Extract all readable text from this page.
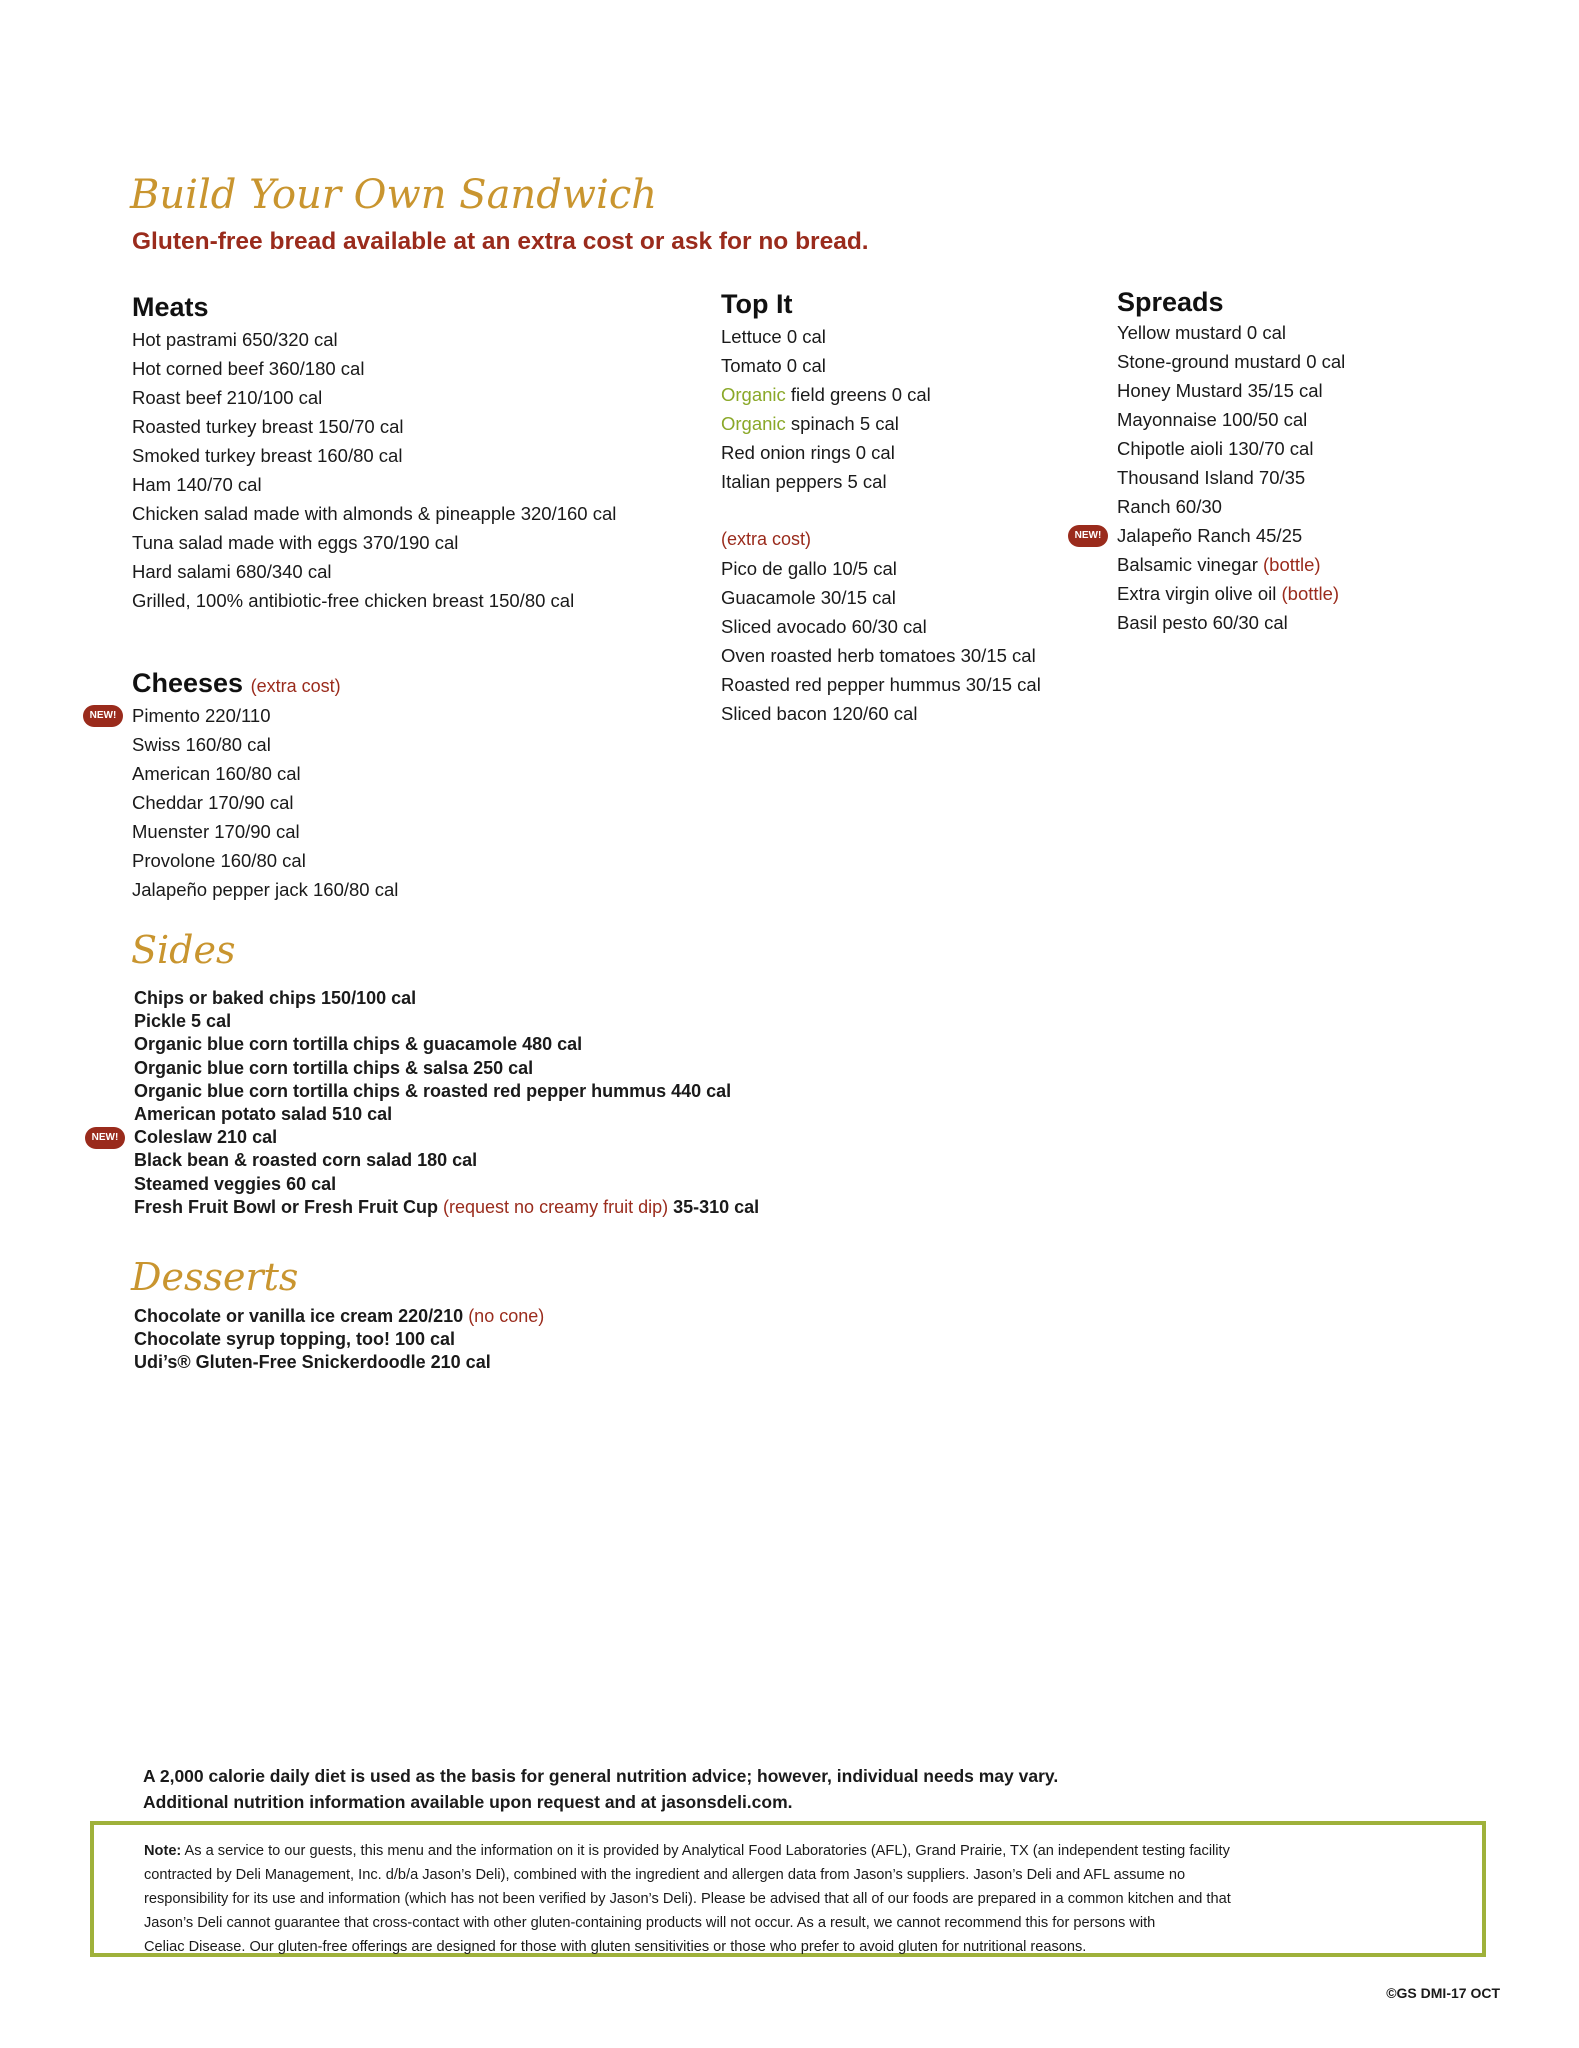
Build Your Own Sandwich
Gluten-free bread available at an extra cost or ask for no bread.
Meats
Hot pastrami 650/320 cal
Hot corned beef 360/180 cal
Roast beef 210/100 cal
Roasted turkey breast 150/70 cal
Smoked turkey breast 160/80 cal
Ham 140/70 cal
Chicken salad made with almonds & pineapple 320/160 cal
Tuna salad made with eggs 370/190 cal
Hard salami 680/340 cal
Grilled, 100% antibiotic-free chicken breast 150/80 cal
Cheeses (extra cost)
NEW! Pimento 220/110
Swiss 160/80 cal
American 160/80 cal
Cheddar 170/90 cal
Muenster 170/90 cal
Provolone 160/80 cal
Jalapeño pepper jack 160/80 cal
Top It
Lettuce 0 cal
Tomato 0 cal
Organic field greens 0 cal
Organic spinach 5 cal
Red onion rings 0 cal
Italian peppers 5 cal
(extra cost)
Pico de gallo 10/5 cal
Guacamole 30/15 cal
Sliced avocado 60/30 cal
Oven roasted herb tomatoes 30/15 cal
Roasted red pepper hummus 30/15 cal
Sliced bacon 120/60 cal
Spreads
Yellow mustard 0 cal
Stone-ground mustard 0 cal
Honey Mustard 35/15 cal
Mayonnaise 100/50 cal
Chipotle aioli 130/70 cal
Thousand Island 70/35
Ranch 60/30
NEW! Jalapeño Ranch 45/25
Balsamic vinegar (bottle)
Extra virgin olive oil (bottle)
Basil pesto 60/30 cal
Sides
Chips or baked chips 150/100 cal
Pickle 5 cal
Organic blue corn tortilla chips & guacamole 480 cal
Organic blue corn tortilla chips & salsa 250 cal
Organic blue corn tortilla chips & roasted red pepper hummus 440 cal
American potato salad 510 cal
NEW! Coleslaw 210 cal
Black bean & roasted corn salad 180 cal
Steamed veggies 60 cal
Fresh Fruit Bowl or Fresh Fruit Cup (request no creamy fruit dip) 35-310 cal
Desserts
Chocolate or vanilla ice cream 220/210 (no cone)
Chocolate syrup topping, too! 100 cal
Udi’s® Gluten-Free Snickerdoodle 210 cal
A 2,000 calorie daily diet is used as the basis for general nutrition advice; however, individual needs may vary.
Additional nutrition information available upon request and at jasonsdeli.com.
Note: As a service to our guests, this menu and the information on it is provided by Analytical Food Laboratories (AFL), Grand Prairie, TX (an independent testing facility
contracted by Deli Management, Inc. d/b/a Jason’s Deli), combined with the ingredient and allergen data from Jason’s suppliers. Jason’s Deli and AFL assume no
responsibility for its use and information (which has not been verified by Jason’s Deli). Please be advised that all of our foods are prepared in a common kitchen and that
Jason’s Deli cannot guarantee that cross-contact with other gluten-containing products will not occur. As a result, we cannot recommend this for persons with
Celiac Disease. Our gluten-free offerings are designed for those with gluten sensitivities or those who prefer to avoid gluten for nutritional reasons.
©GS DMI-17 OCT
